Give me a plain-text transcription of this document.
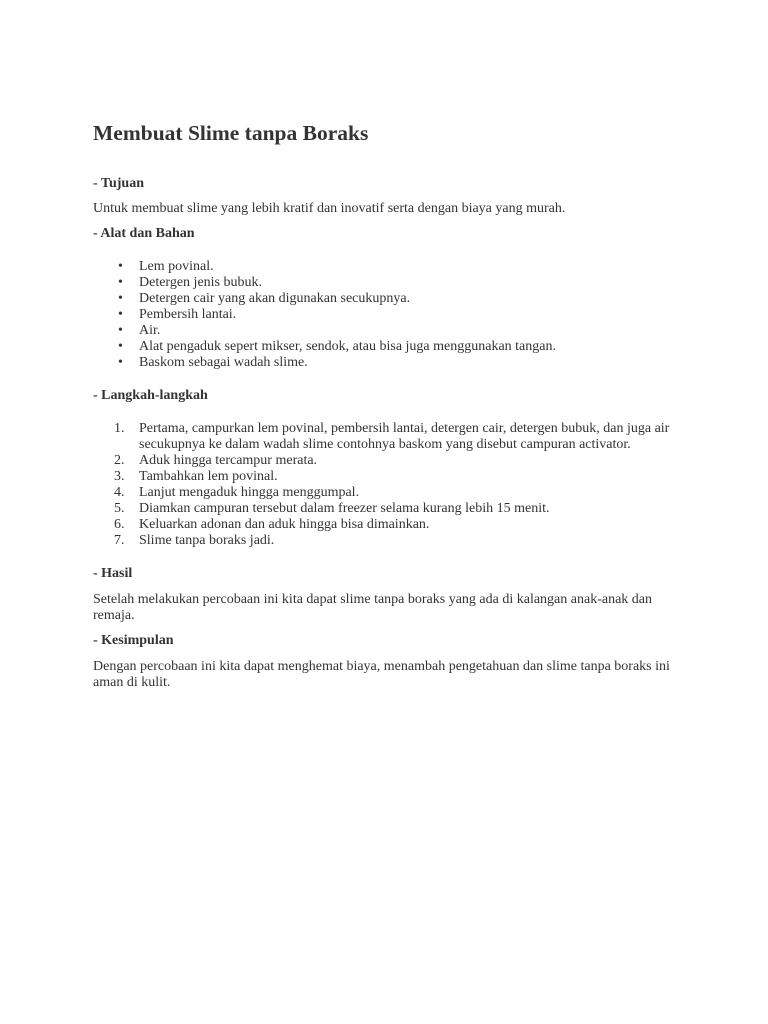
Membuat Slime tanpa Boraks

- Tujuan

Untuk membuat slime yang lebih kratif dan inovatif serta dengan biaya yang murah.

- Alat dan Bahan

•	Lem povinal.
•	Detergen jenis bubuk.
•	Detergen cair yang akan digunakan secukupnya.
•	Pembersih lantai.
•	Air.
•	Alat pengaduk sepert mikser, sendok, atau bisa juga menggunakan tangan.
•	Baskom sebagai wadah slime.

- Langkah-langkah

1.	Pertama, campurkan lem povinal, pembersih lantai, detergen cair, detergen bubuk, dan juga air secukupnya ke dalam wadah slime contohnya baskom yang disebut campuran activator.
2.	Aduk hingga tercampur merata.
3.	Tambahkan lem povinal.
4.	Lanjut mengaduk hingga menggumpal.
5.	Diamkan campuran tersebut dalam freezer selama kurang lebih 15 menit.
6.	Keluarkan adonan dan aduk hingga bisa dimainkan.
7.	Slime tanpa boraks jadi.

- Hasil

Setelah melakukan percobaan ini kita dapat slime tanpa boraks yang ada di kalangan anak-anak dan remaja.

- Kesimpulan

Dengan percobaan ini kita dapat menghemat biaya, menambah pengetahuan dan slime tanpa boraks ini aman di kulit.
